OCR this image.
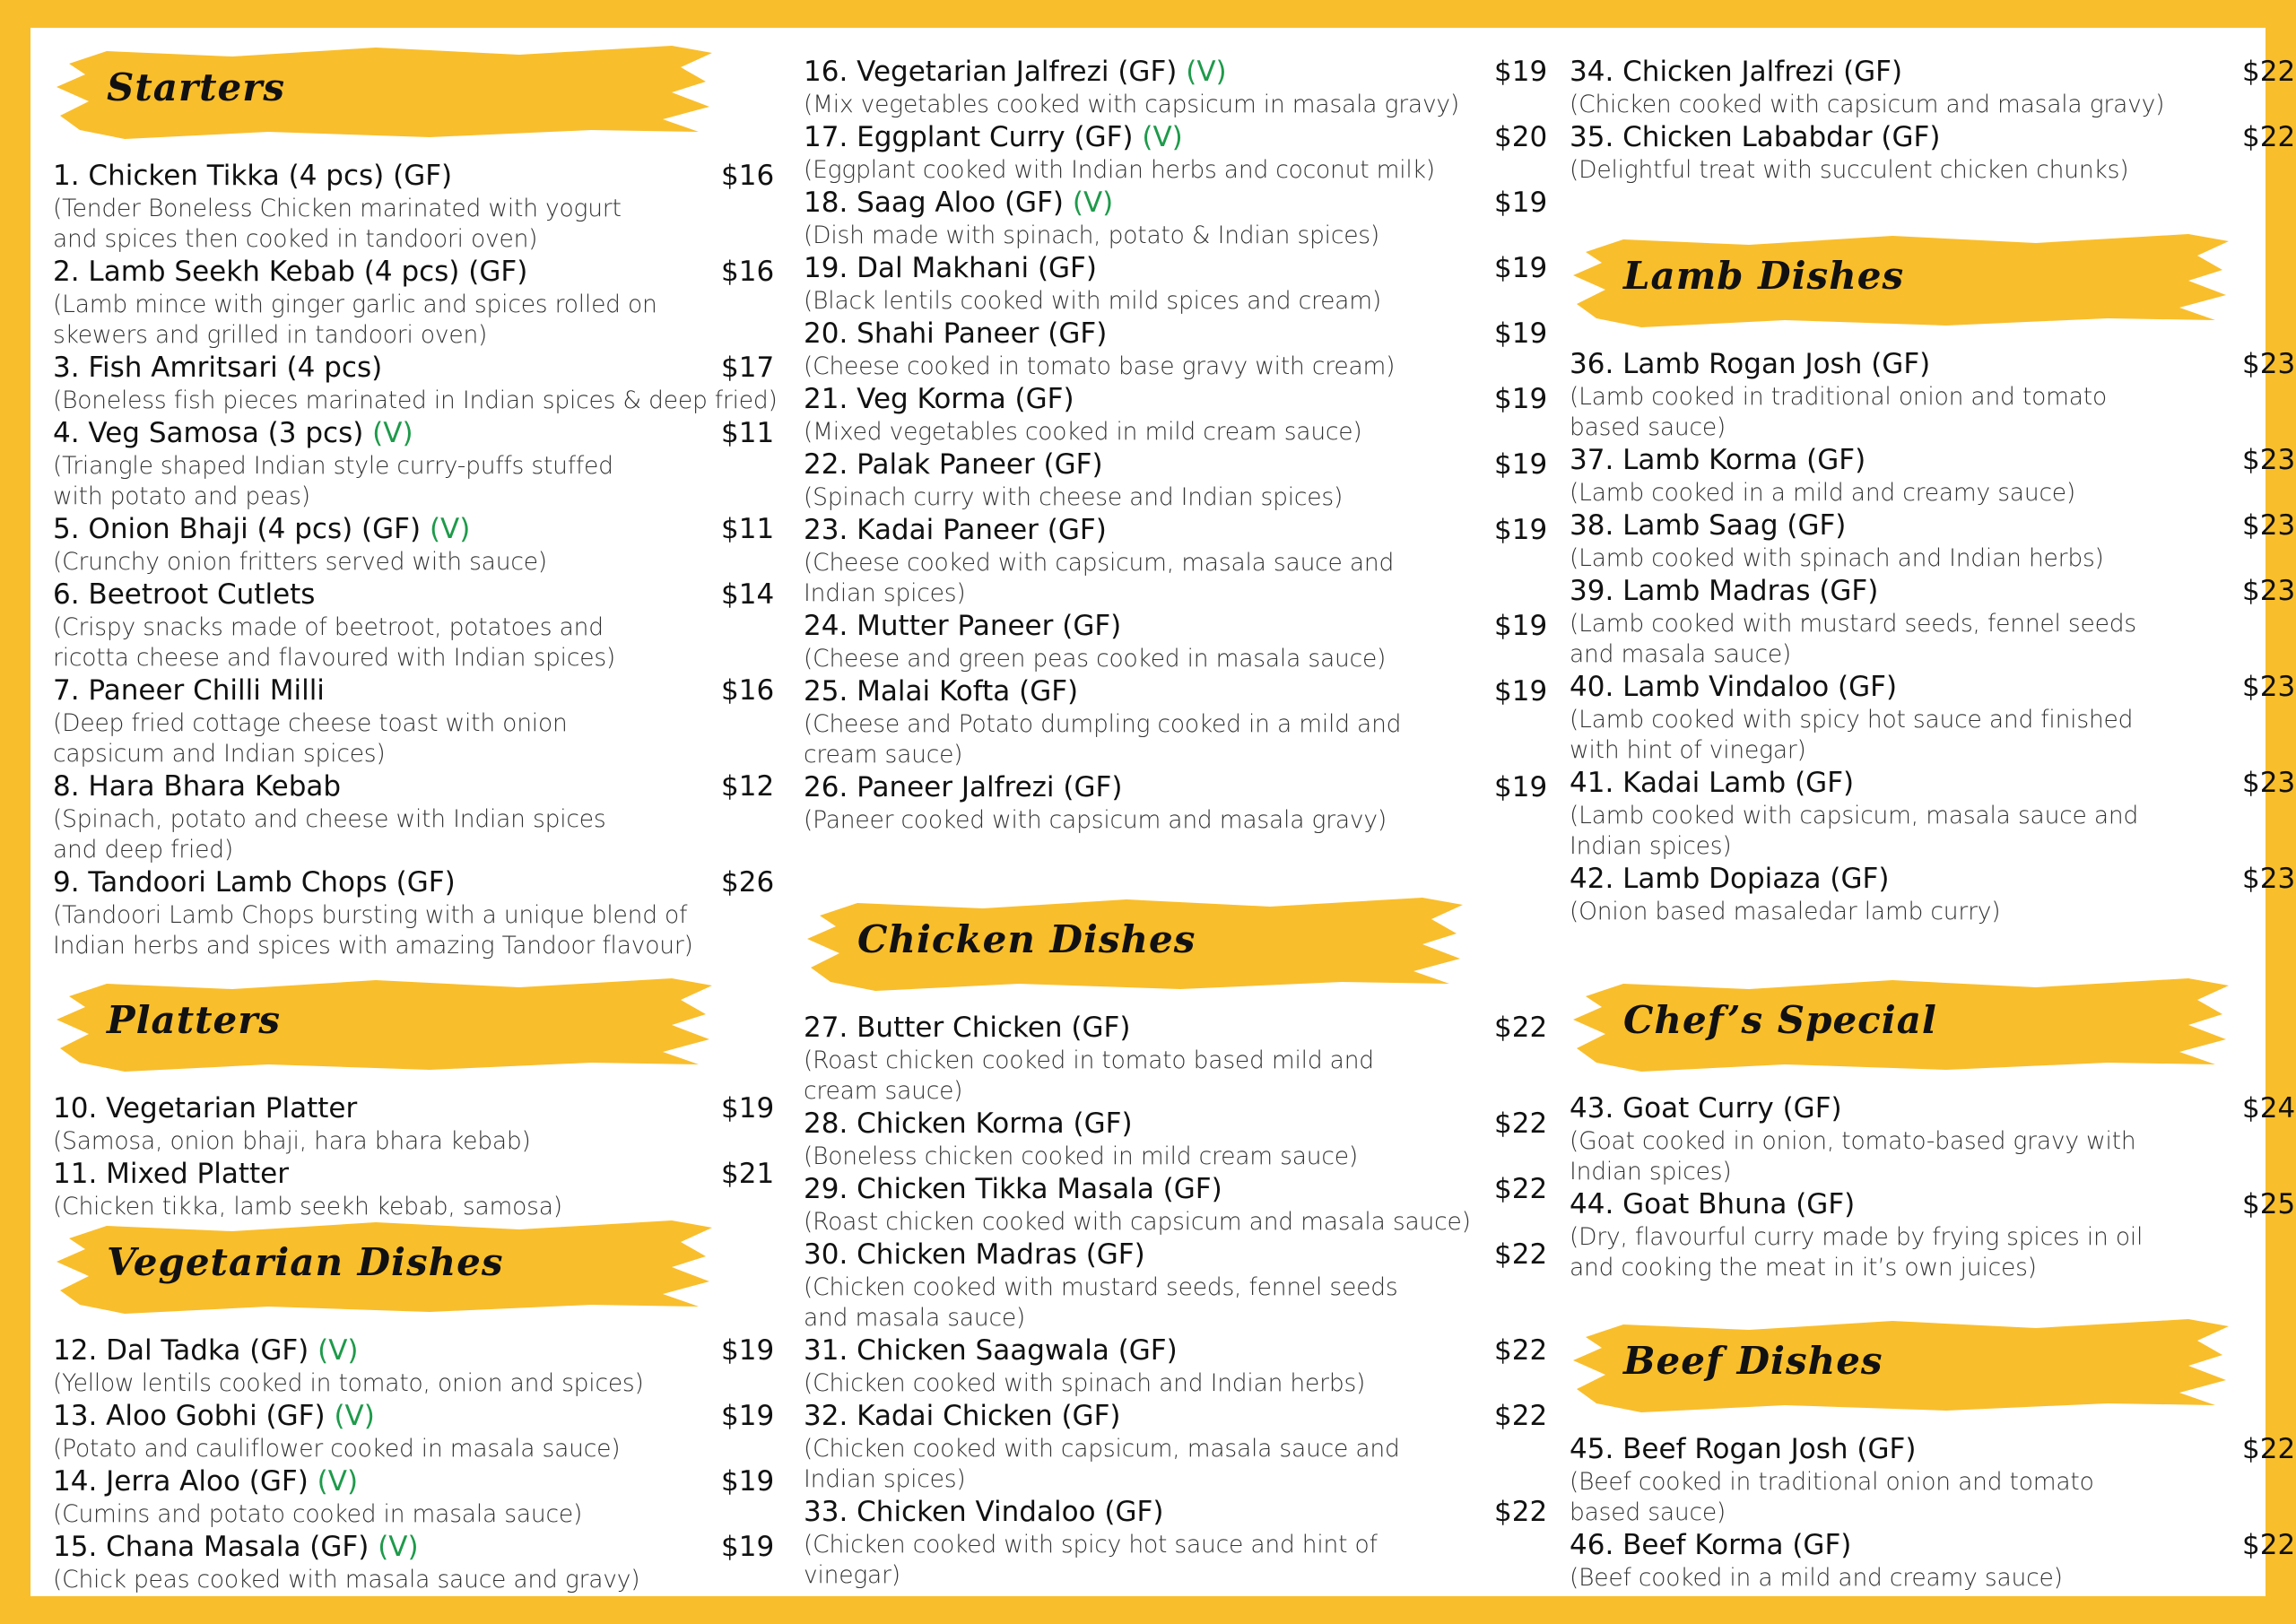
Starters
1. Chicken Tikka (4 pcs) (GF)	$16
(Tender Boneless Chicken marinated with yogurt
and spices then cooked in tandoori oven)
2. Lamb Seekh Kebab (4 pcs) (GF)	$16
(Lamb mince with ginger garlic and spices rolled on
skewers and grilled in tandoori oven)
3. Fish Amritsari (4 pcs)	$17
(Boneless fish pieces marinated in Indian spices & deep fried)
4. Veg Samosa (3 pcs) (V)	$11
(Triangle shaped Indian style curry-puffs stuffed
with potato and peas)
5. Onion Bhaji (4 pcs) (GF) (V)	$11
(Crunchy onion fritters served with sauce)
6. Beetroot Cutlets	$14
(Crispy snacks made of beetroot, potatoes and
ricotta cheese and flavoured with Indian spices)
7. Paneer Chilli Milli	$16
(Deep fried cottage cheese toast with onion
capsicum and Indian spices)
8. Hara Bhara Kebab	$12
(Spinach, potato and cheese with Indian spices
and deep fried)
9. Tandoori Lamb Chops (GF)	$26
(Tandoori Lamb Chops bursting with a unique blend of
Indian herbs and spices with amazing Tandoor flavour)
Platters
10. Vegetarian Platter	$19
(Samosa, onion bhaji, hara bhara kebab)
11. Mixed Platter	$21
(Chicken tikka, lamb seekh kebab, samosa)
Vegetarian Dishes
12. Dal Tadka (GF) (V)	$19
(Yellow lentils cooked in tomato, onion and spices)
13. Aloo Gobhi (GF) (V)	$19
(Potato and cauliflower cooked in masala sauce)
14. Jerra Aloo (GF) (V)	$19
(Cumins and potato cooked in masala sauce)
15. Chana Masala (GF) (V)	$19
(Chick peas cooked with masala sauce and gravy)
16. Vegetarian Jalfrezi (GF) (V)	$19
(Mix vegetables cooked with capsicum in masala gravy)
17. Eggplant Curry (GF) (V)	$20
(Eggplant cooked with Indian herbs and coconut milk)
18. Saag Aloo (GF) (V)	$19
(Dish made with spinach, potato & Indian spices)
19. Dal Makhani (GF)	$19
(Black lentils cooked with mild spices and cream)
20. Shahi Paneer (GF)	$19
(Cheese cooked in tomato base gravy with cream)
21. Veg Korma (GF)	$19
(Mixed vegetables cooked in mild cream sauce)
22. Palak Paneer (GF)	$19
(Spinach curry with cheese and Indian spices)
23. Kadai Paneer (GF)	$19
(Cheese cooked with capsicum, masala sauce and
Indian spices)
24. Mutter Paneer (GF)	$19
(Cheese and green peas cooked in masala sauce)
25. Malai Kofta (GF)	$19
(Cheese and Potato dumpling cooked in a mild and
cream sauce)
26. Paneer Jalfrezi (GF)	$19
(Paneer cooked with capsicum and masala gravy)
Chicken Dishes
27. Butter Chicken (GF)	$22
(Roast chicken cooked in tomato based mild and
cream sauce)
28. Chicken Korma (GF)	$22
(Boneless chicken cooked in mild cream sauce)
29. Chicken Tikka Masala (GF)	$22
(Roast chicken cooked with capsicum and masala sauce)
30. Chicken Madras (GF)	$22
(Chicken cooked with mustard seeds, fennel seeds
and masala sauce)
31. Chicken Saagwala (GF)	$22
(Chicken cooked with spinach and Indian herbs)
32. Kadai Chicken (GF)	$22
(Chicken cooked with capsicum, masala sauce and
Indian spices)
33. Chicken Vindaloo (GF)	$22
(Chicken cooked with spicy hot sauce and hint of
vinegar)
34. Chicken Jalfrezi (GF)	$22
(Chicken cooked with capsicum and masala gravy)
35. Chicken Lababdar (GF)	$22
(Delightful treat with succulent chicken chunks)
Lamb Dishes
36. Lamb Rogan Josh (GF)	$23
(Lamb cooked in traditional onion and tomato
based sauce)
37. Lamb Korma (GF)	$23
(Lamb cooked in a mild and creamy sauce)
38. Lamb Saag (GF)	$23
(Lamb cooked with spinach and Indian herbs)
39. Lamb Madras (GF)	$23
(Lamb cooked with mustard seeds, fennel seeds
and masala sauce)
40. Lamb Vindaloo (GF)	$23
(Lamb cooked with spicy hot sauce and finished
with hint of vinegar)
41. Kadai Lamb (GF)	$23
(Lamb cooked with capsicum, masala sauce and
Indian spices)
42. Lamb Dopiaza (GF)	$23
(Onion based masaledar lamb curry)
Chef’s Special
43. Goat Curry (GF)	$24
(Goat cooked in onion, tomato-based gravy with
Indian spices)
44. Goat Bhuna (GF)	$25
(Dry, flavourful curry made by frying spices in oil
and cooking the meat in it’s own juices)
Beef Dishes
45. Beef Rogan Josh (GF)	$22
(Beef cooked in traditional onion and tomato
based sauce)
46. Beef Korma (GF)	$22
(Beef cooked in a mild and creamy sauce)
